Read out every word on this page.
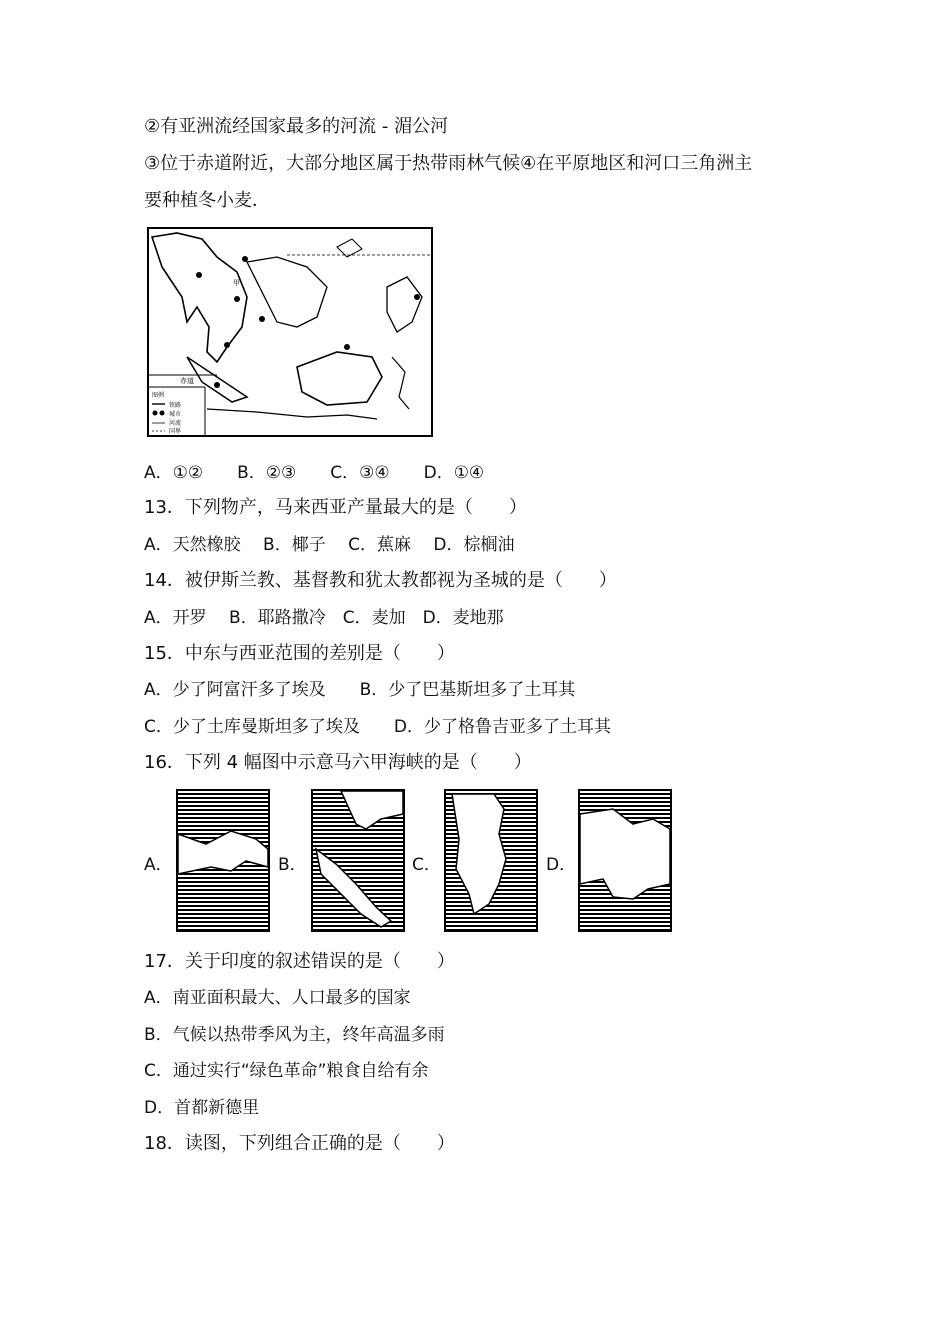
②有亚洲流经国家最多的河流 - 湄公河
③位于赤道附近，大部分地区属于热带雨林气候④在平原地区和河口三角洲主
要种植冬小麦．
赤道
图例
铁路
城市
河流
国界
甲
A．①②　　B．②③　　C．③④　　D．①④
13．下列物产，马来西亚产量最大的是（　　）
A．天然橡胶　 B．椰子　 C．蕉麻　 D．棕榈油
14．被伊斯兰教、基督教和犹太教都视为圣城的是（　　）
A．开罗　 B．耶路撒冷　C．麦加　D．麦地那
15．中东与西亚范围的差别是（　　）
A．少了阿富汗多了埃及　　B．少了巴基斯坦多了土耳其
C．少了土库曼斯坦多了埃及　　D．少了格鲁吉亚多了土耳其
16．下列 4 幅图中示意马六甲海峡的是（　　）
A．	B．	C．	D．
17．关于印度的叙述错误的是（　　）
A．南亚面积最大、人口最多的国家
B．气候以热带季风为主，终年高温多雨
C．通过实行“绿色革命”粮食自给有余
D．首都新德里
18．读图，下列组合正确的是（　　）
